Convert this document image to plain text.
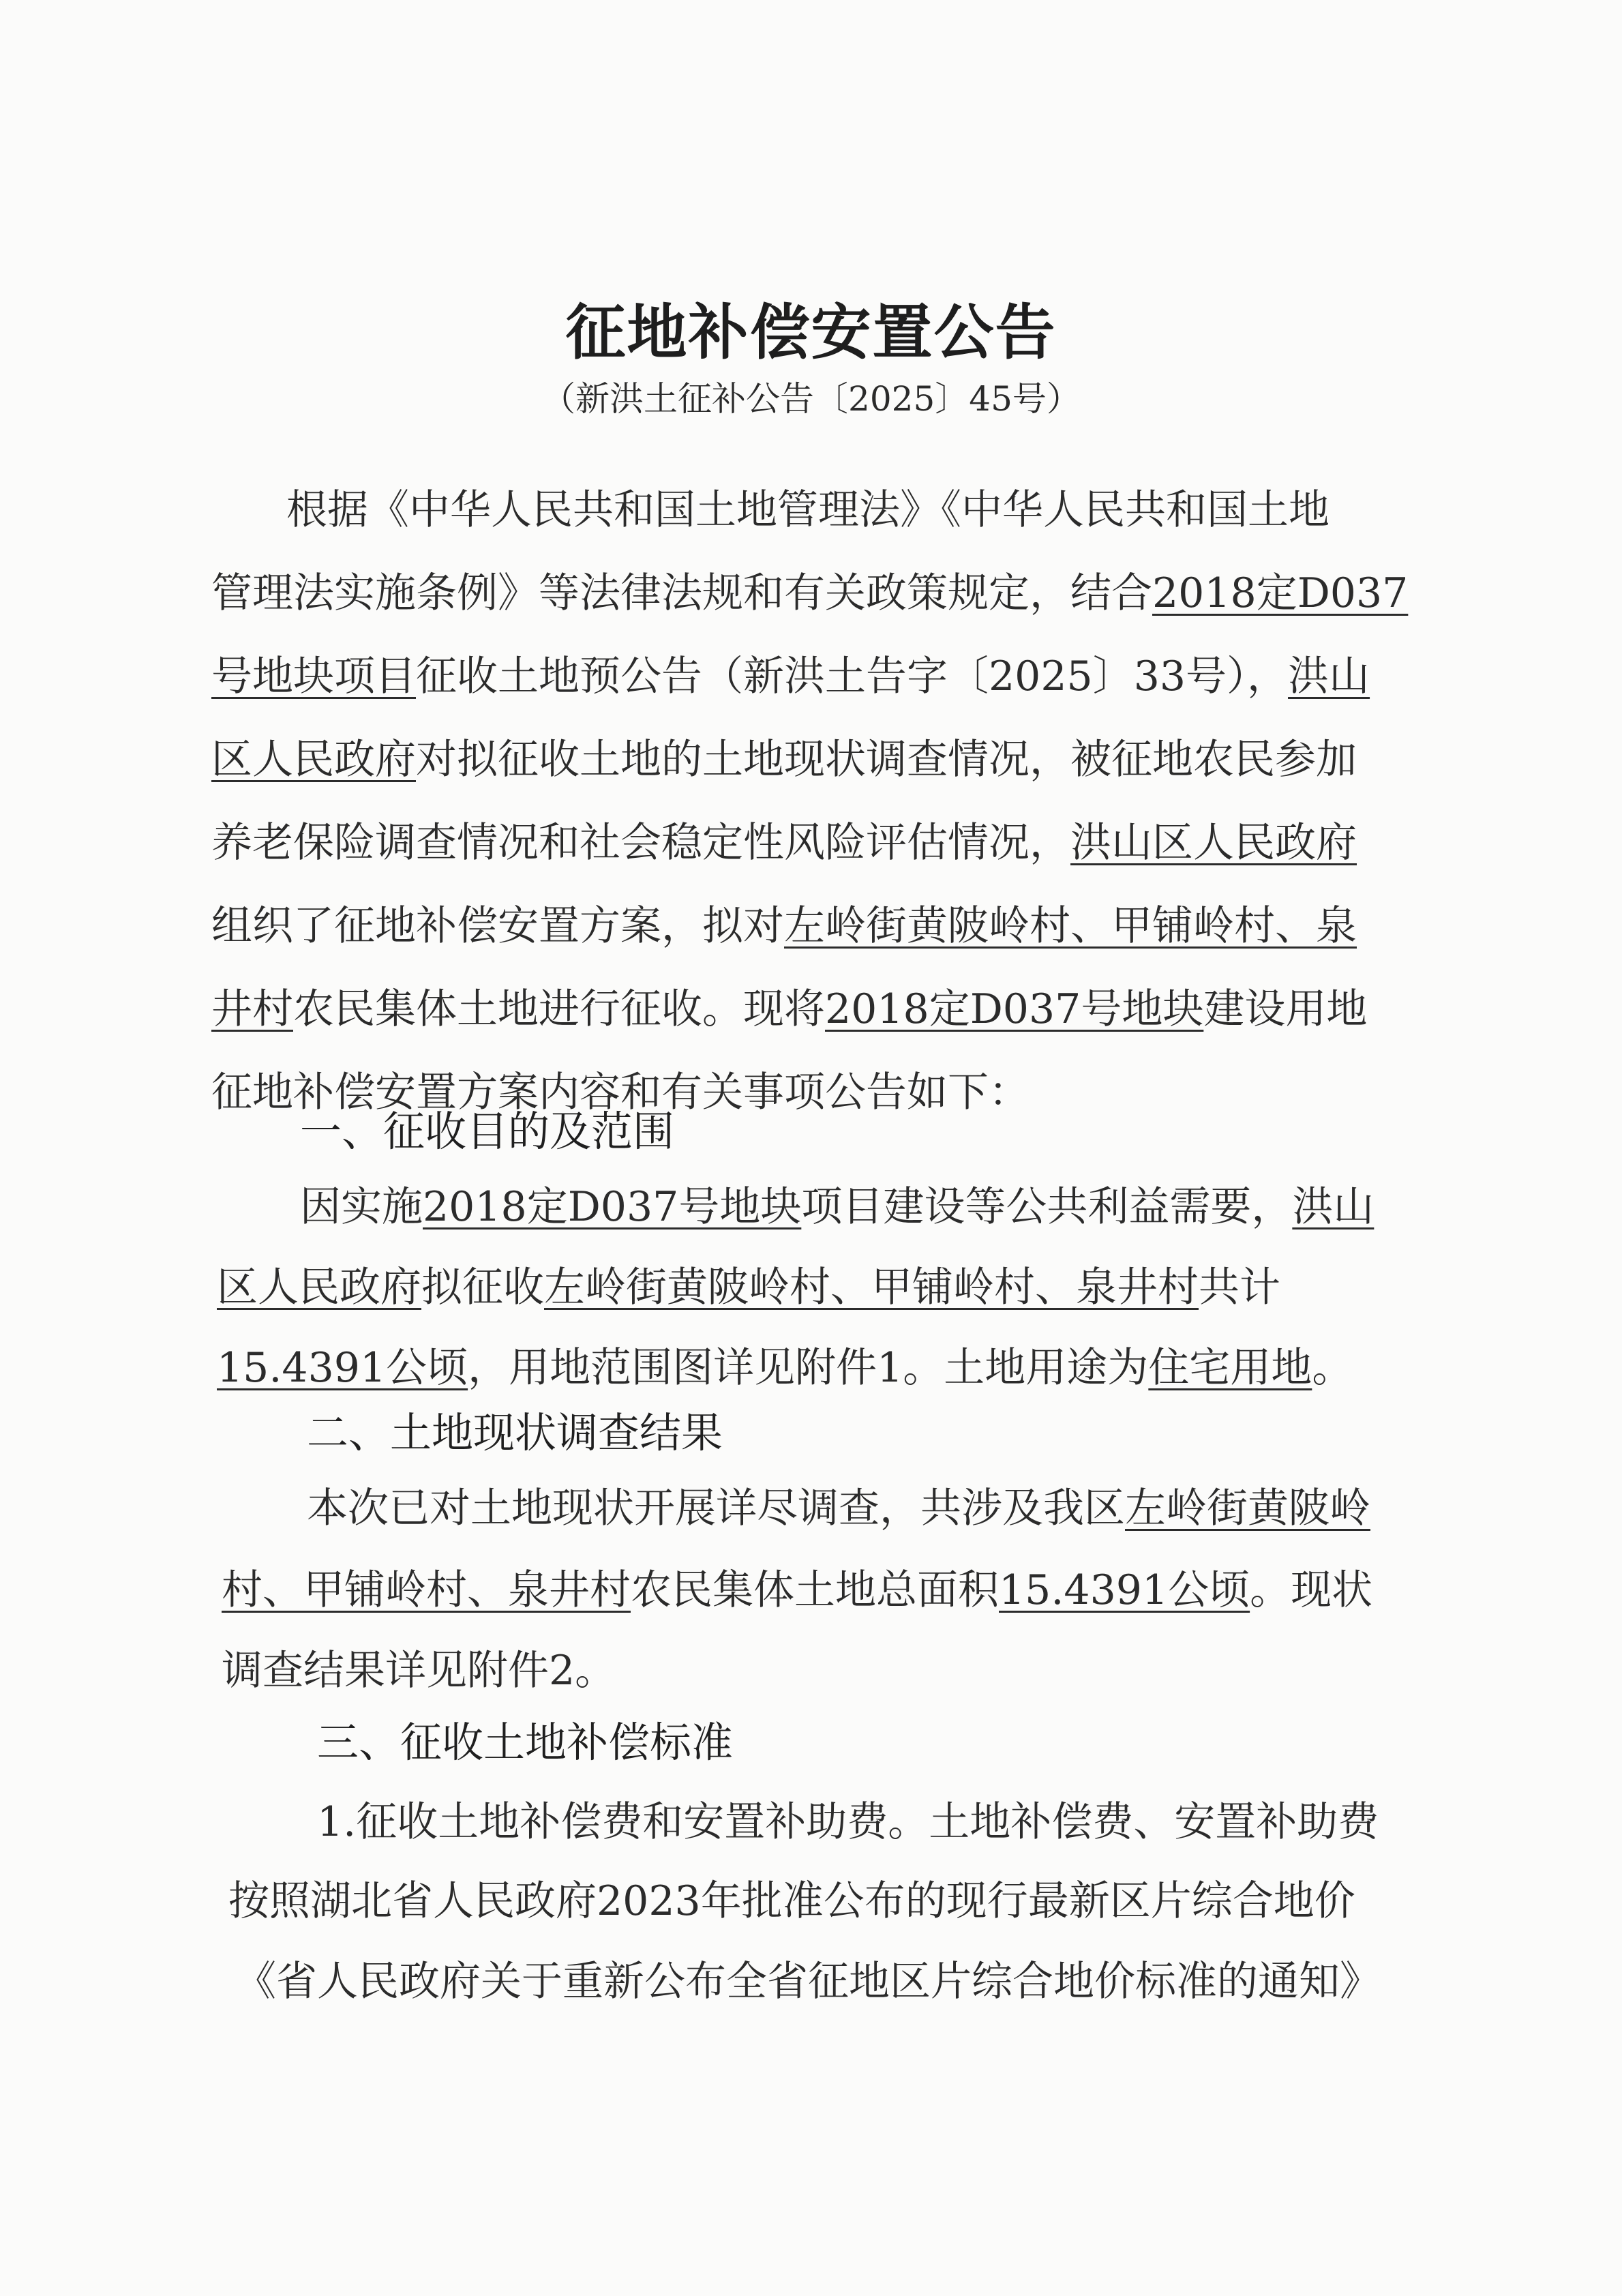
征地补偿安置公告
（新洪土征补公告〔2025〕45号）
根据《中华人民共和国土地管理法》《中华人民共和国土地
管理法实施条例》等法律法规和有关政策规定，结合2018定D037
号地块项目征收土地预公告（新洪土告字〔2025〕33号），洪山
区人民政府对拟征收土地的土地现状调查情况，被征地农民参加
养老保险调查情况和社会稳定性风险评估情况，洪山区人民政府
组织了征地补偿安置方案，拟对左岭街黄陂岭村、甲铺岭村、泉
井村农民集体土地进行征收。现将2018定D037号地块建设用地
征地补偿安置方案内容和有关事项公告如下：
一、征收目的及范围
因实施2018定D037号地块项目建设等公共利益需要，洪山
区人民政府拟征收左岭街黄陂岭村、甲铺岭村、泉井村共计
15.4391公顷，用地范围图详见附件1。土地用途为住宅用地。
二、土地现状调查结果
本次已对土地现状开展详尽调查，共涉及我区左岭街黄陂岭
村、甲铺岭村、泉井村农民集体土地总面积15.4391公顷。现状
调查结果详见附件2。
三、征收土地补偿标准
1.征收土地补偿费和安置补助费。土地补偿费、安置补助费
按照湖北省人民政府2023年批准公布的现行最新区片综合地价
《省人民政府关于重新公布全省征地区片综合地价标准的通知》
